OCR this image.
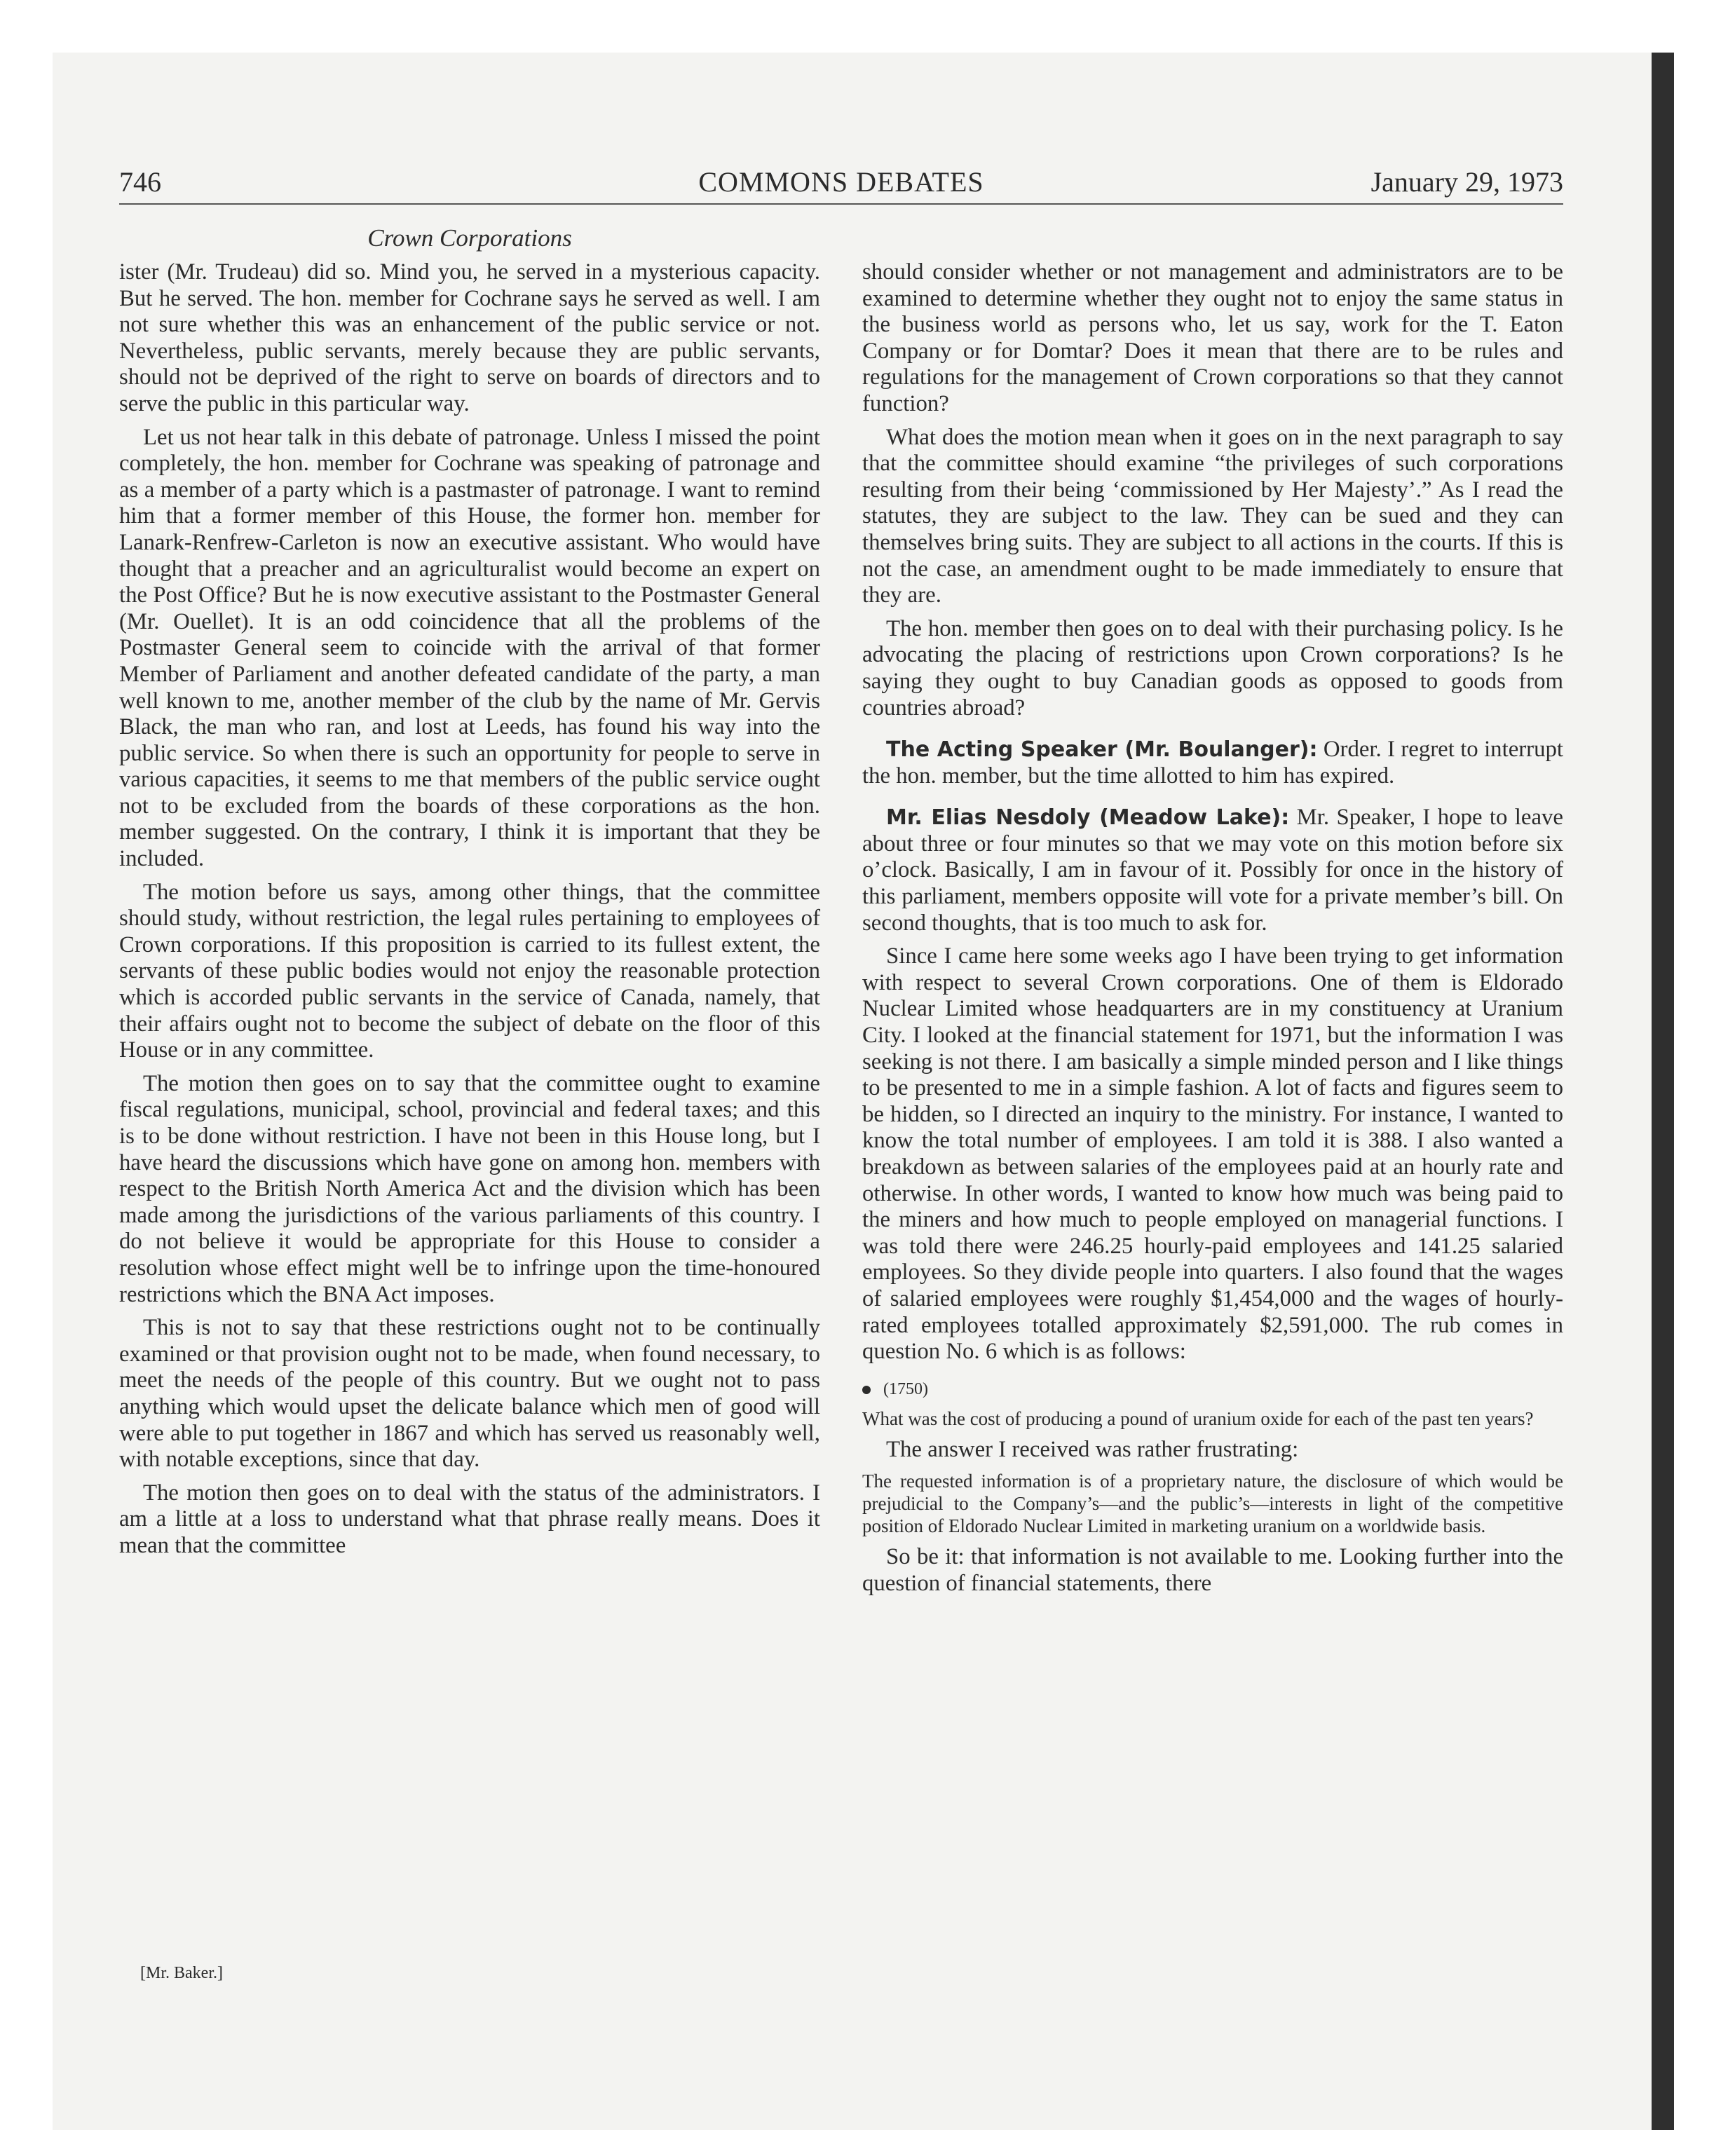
746	COMMONS DEBATES	January 29, 1973
Crown Corporations

ister (Mr. Trudeau) did so. Mind you, he served in a mysterious capacity. But he served. The hon. member for Cochrane says he served as well. I am not sure whether this was an enhancement of the public service or not. Nevertheless, public servants, merely because they are public servants, should not be deprived of the right to serve on boards of directors and to serve the public in this particular way.

Let us not hear talk in this debate of patronage. Unless I missed the point completely, the hon. member for Cochrane was speaking of patronage and as a member of a party which is a pastmaster of patronage. I want to remind him that a former member of this House, the former hon. member for Lanark-Renfrew-Carleton is now an executive assistant. Who would have thought that a preacher and an agriculturalist would become an expert on the Post Office? But he is now executive assistant to the Postmaster General (Mr. Ouellet). It is an odd coincidence that all the problems of the Postmaster General seem to coincide with the arrival of that former Member of Parliament and another defeated candidate of the party, a man well known to me, another member of the club by the name of Mr. Gervis Black, the man who ran, and lost at Leeds, has found his way into the public service. So when there is such an opportunity for people to serve in various capacities, it seems to me that members of the public service ought not to be excluded from the boards of these corporations as the hon. member suggested. On the contrary, I think it is important that they be included.

The motion before us says, among other things, that the committee should study, without restriction, the legal rules pertaining to employees of Crown corporations. If this proposition is carried to its fullest extent, the servants of these public bodies would not enjoy the reasonable protection which is accorded public servants in the service of Canada, namely, that their affairs ought not to become the subject of debate on the floor of this House or in any committee.

The motion then goes on to say that the committee ought to examine fiscal regulations, municipal, school, provincial and federal taxes; and this is to be done without restriction. I have not been in this House long, but I have heard the discussions which have gone on among hon. members with respect to the British North America Act and the division which has been made among the jurisdictions of the various parliaments of this country. I do not believe it would be appropriate for this House to consider a resolution whose effect might well be to infringe upon the time-honoured restrictions which the BNA Act imposes.

This is not to say that these restrictions ought not to be continually examined or that provision ought not to be made, when found necessary, to meet the needs of the people of this country. But we ought not to pass anything which would upset the delicate balance which men of good will were able to put together in 1867 and which has served us reasonably well, with notable exceptions, since that day.

The motion then goes on to deal with the status of the administrators. I am a little at a loss to understand what that phrase really means. Does it mean that the committee

[Mr. Baker.]

should consider whether or not management and administrators are to be examined to determine whether they ought not to enjoy the same status in the business world as persons who, let us say, work for the T. Eaton Company or for Domtar? Does it mean that there are to be rules and regulations for the management of Crown corporations so that they cannot function?

What does the motion mean when it goes on in the next paragraph to say that the committee should examine “the privileges of such corporations resulting from their being ‘commissioned by Her Majesty’.” As I read the statutes, they are subject to the law. They can be sued and they can themselves bring suits. They are subject to all actions in the courts. If this is not the case, an amendment ought to be made immediately to ensure that they are.

The hon. member then goes on to deal with their purchasing policy. Is he advocating the placing of restrictions upon Crown corporations? Is he saying they ought to buy Canadian goods as opposed to goods from countries abroad?

The Acting Speaker (Mr. Boulanger): Order. I regret to interrupt the hon. member, but the time allotted to him has expired.

Mr. Elias Nesdoly (Meadow Lake): Mr. Speaker, I hope to leave about three or four minutes so that we may vote on this motion before six o’clock. Basically, I am in favour of it. Possibly for once in the history of this parliament, members opposite will vote for a private member’s bill. On second thoughts, that is too much to ask for.

Since I came here some weeks ago I have been trying to get information with respect to several Crown corporations. One of them is Eldorado Nuclear Limited whose headquarters are in my constituency at Uranium City. I looked at the financial statement for 1971, but the information I was seeking is not there. I am basically a simple minded person and I like things to be presented to me in a simple fashion. A lot of facts and figures seem to be hidden, so I directed an inquiry to the ministry. For instance, I wanted to know the total number of employees. I am told it is 388. I also wanted a breakdown as between salaries of the employees paid at an hourly rate and otherwise. In other words, I wanted to know how much was being paid to the miners and how much to people employed on managerial functions. I was told there were 246.25 hourly-paid employees and 141.25 salaried employees. So they divide people into quarters. I also found that the wages of salaried employees were roughly $1,454,000 and the wages of hourly-rated employees totalled approximately $2,591,000. The rub comes in question No. 6 which is as follows:

(1750)

What was the cost of producing a pound of uranium oxide for each of the past ten years?

The answer I received was rather frustrating:

The requested information is of a proprietary nature, the disclosure of which would be prejudicial to the Company’s—and the public’s—interests in light of the competitive position of Eldorado Nuclear Limited in marketing uranium on a worldwide basis.

So be it: that information is not available to me. Looking further into the question of financial statements, there
